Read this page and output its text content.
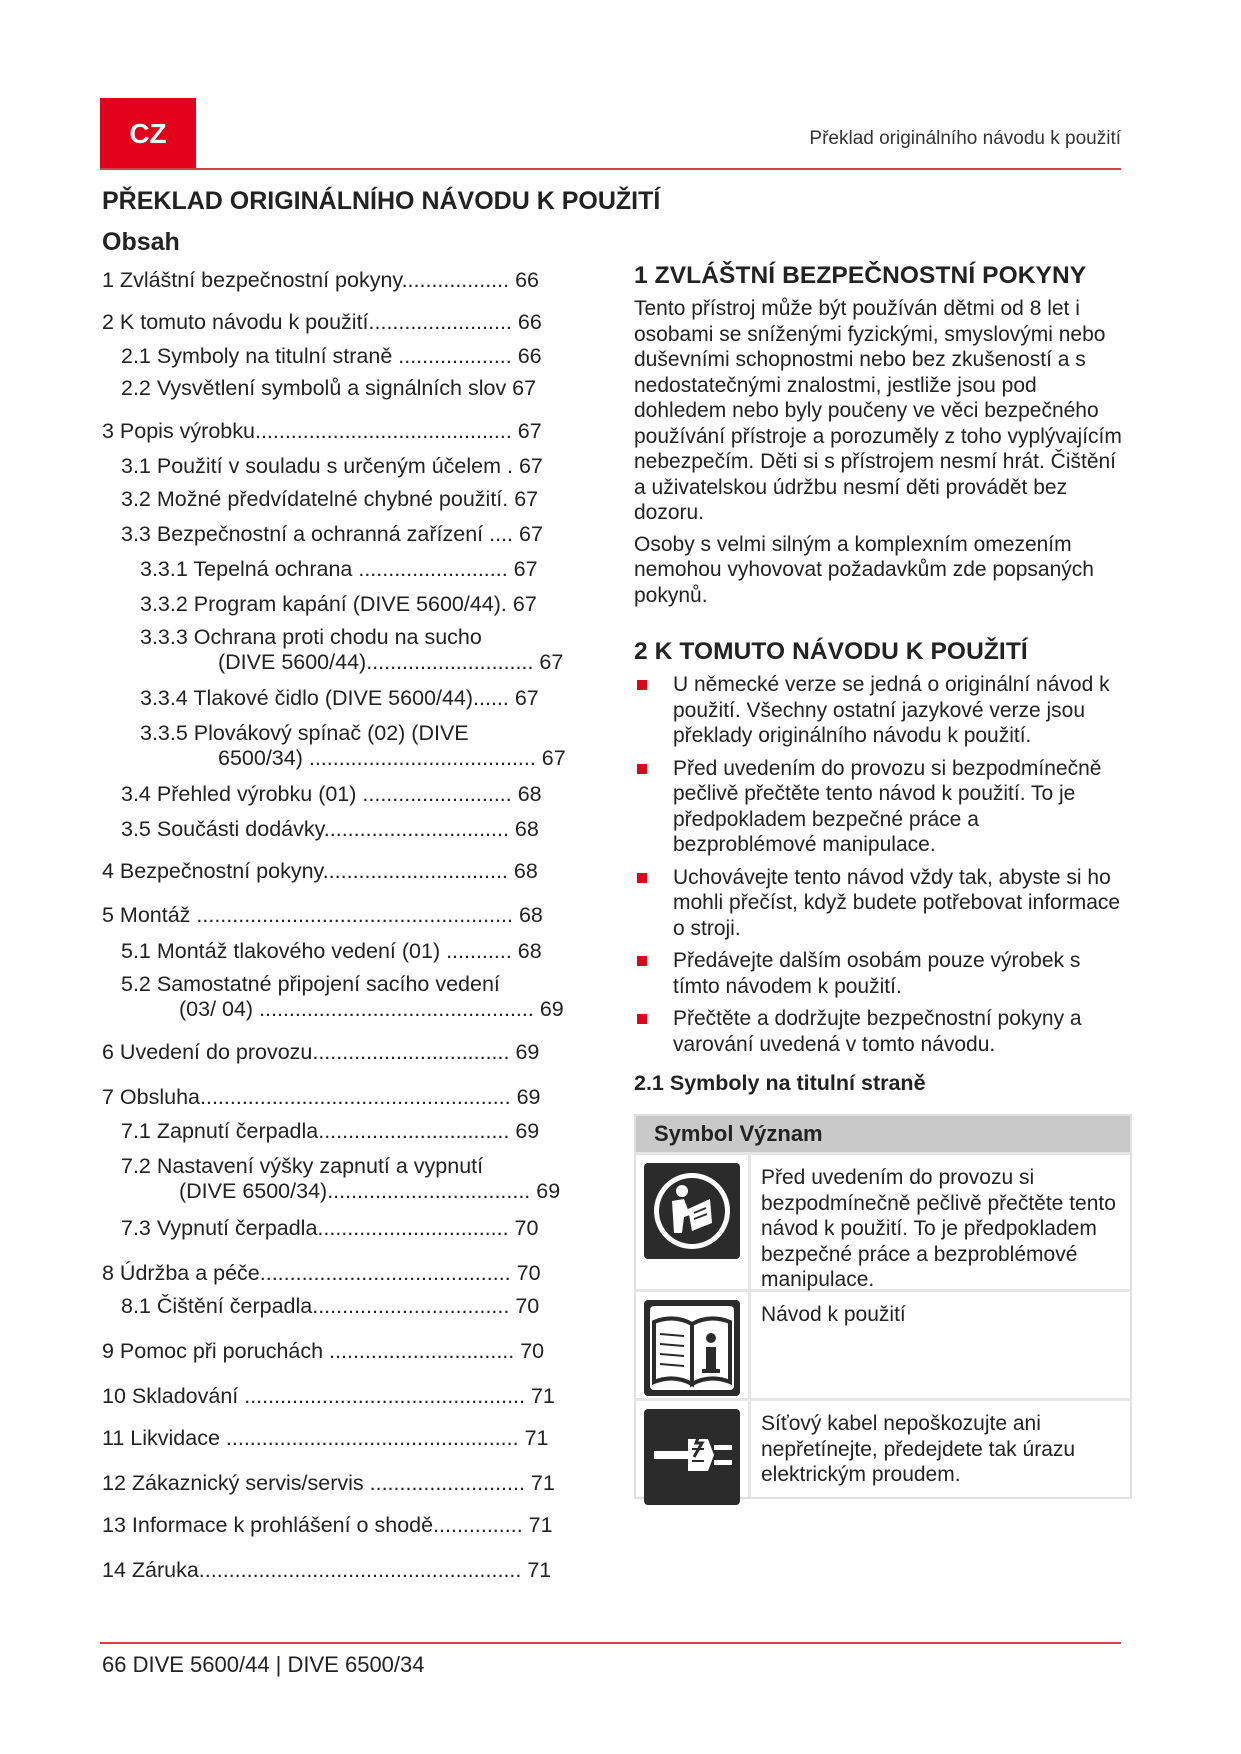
CZ	Překlad originálního návodu k použití
PŘEKLAD ORIGINÁLNÍHO NÁVODU K POUŽITÍ
Obsah
1 Zvláštní bezpečnostní pokyny.................. 66
2 K tomuto návodu k použití........................ 66
2.1 Symboly na titulní straně ................... 66
2.2 Vysvětlení symbolů a signálních slov 67
3 Popis výrobku........................................... 67
3.1 Použití v souladu s určeným účelem . 67
3.2 Možné předvídatelné chybné použití. 67
3.3 Bezpečnostní a ochranná zařízení .... 67
3.3.1 Tepelná ochrana ......................... 67
3.3.2 Program kapání (DIVE 5600/44). 67
3.3.3 Ochrana proti chodu na sucho
(DIVE 5600/44)............................ 67
3.3.4 Tlakové čidlo (DIVE 5600/44)...... 67
3.3.5 Plovákový spínač (02) (DIVE
6500/34) ...................................... 67
3.4 Přehled výrobku (01) ......................... 68
3.5 Součásti dodávky............................... 68
4 Bezpečnostní pokyny............................... 68
5 Montáž ..................................................... 68
5.1 Montáž tlakového vedení (01) ........... 68
5.2 Samostatné připojení sacího vedení
(03/ 04) .............................................. 69
6 Uvedení do provozu................................. 69
7 Obsluha.................................................... 69
7.1 Zapnutí čerpadla................................ 69
7.2 Nastavení výšky zapnutí a vypnutí
(DIVE 6500/34).................................. 69
7.3 Vypnutí čerpadla................................ 70
8 Údržba a péče.......................................... 70
8.1 Čištění čerpadla................................. 70
9 Pomoc při poruchách ............................... 70
10 Skladování ............................................... 71
11 Likvidace ................................................. 71
12 Zákaznický servis/servis .......................... 71
13 Informace k prohlášení o shodě............... 71
14 Záruka...................................................... 71
1 ZVLÁŠTNÍ BEZPEČNOSTNÍ POKYNY

Tento přístroj může být používán dětmi od 8 let i osobami se sníženými fyzickými, smyslovými nebo duševními schopnostmi nebo bez zkušeností a s nedostatečnými znalostmi, jestliže jsou pod dohledem nebo byly poučeny ve věci bezpečného používání přístroje a porozuměly z toho vyplývajícím nebezpečím. Děti si s přístrojem nesmí hrát. Čištění a uživatelskou údržbu nesmí děti provádět bez dozoru.

Osoby s velmi silným a komplexním omezením nemohou vyhovovat požadavkům zde popsaných pokynů.

2 K TOMUTO NÁVODU K POUŽITÍ
U německé verze se jedná o originální návod k použití. Všechny ostatní jazykové verze jsou překlady originálního návodu k použití.
Před uvedením do provozu si bezpodmínečně pečlivě přečtěte tento návod k použití. To je předpokladem bezpečné práce a bezproblémové manipulace.
Uchovávejte tento návod vždy tak, abyste si ho mohli přečíst, když budete potřebovat informace o stroji.
Předávejte dalším osobám pouze výrobek s tímto návodem k použití.
Přečtěte a dodržujte bezpečnostní pokyny a varování uvedená v tomto návodu.
2.1 Symboly na titulní straně
Symbol Význam
Před uvedením do provozu si bezpodmínečně pečlivě přečtěte tento návod k použití. To je předpokladem bezpečné práce a bezproblémové manipulace.
Návod k použití
Síťový kabel nepoškozujte ani nepřetínejte, předejdete tak úrazu elektrickým proudem.
66 DIVE 5600/44 | DIVE 6500/34
